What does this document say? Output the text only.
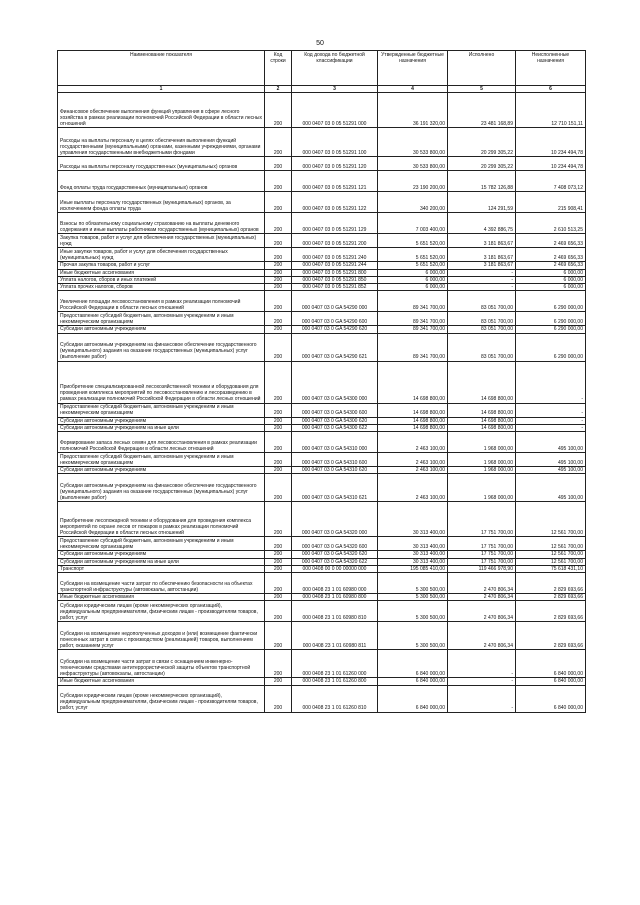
50
Наименование показателя	Код строки	Код дохода по бюджетной классификации	Утвержденные бюджетные назначения	Исполнено	Неисполненные назначения
1	2	3	4	5	6
Финансовое обеспечение выполнения функций управления в сфере лесного хозяйства в рамках реализации полномочий Российской Федерации в области лесных отношений	200	000 0407 03 0 05 51291 000	36 191 320,00	23 481 168,89	12 710 151,11
Расходы на выплаты персоналу в целях обеспечения выполнения функций государственными (муниципальными) органами, казенными учреждениями, органами управления государственными внебюджетными фондами	200	000 0407 03 0 05 51291 100	30 533 800,00	20 299 305,22	10 234 494,78
Расходы на выплаты персоналу государственных (муниципальных) органов	200	000 0407 03 0 05 51291 120	30 533 800,00	20 299 305,22	10 234 494,78
Фонд оплаты труда государственных (муниципальных) органов	200	000 0407 03 0 05 51291 121	23 190 200,00	15 782 126,88	7 408 073,12
Иные выплаты персоналу государственных (муниципальных) органов, за исключением фонда оплаты труда	200	000 0407 03 0 05 51291 122	340 200,00	124 291,59	215 908,41
Взносы по обязательному социальному страхованию на выплаты денежного содержания и иные выплаты работникам государственных (муниципальных) органов	200	000 0407 03 0 05 51291 129	7 003 400,00	4 392 886,75	2 610 513,25
Закупка товаров, работ и услуг для обеспечения государственных (муниципальных) нужд	200	000 0407 03 0 05 51291 200	5 651 520,00	3 181 863,67	2 469 656,33
Иные закупки товаров, работ и услуг для обеспечения государственных (муниципальных) нужд	200	000 0407 03 0 05 51291 240	5 651 520,00	3 181 863,67	2 469 656,33
Прочая закупка товаров, работ и услуг	200	000 0407 03 0 05 51291 244	5 651 520,00	3 181 863,67	2 469 656,33
Иные бюджетные ассигнования	200	000 0407 03 0 05 51291 800	6 000,00	-	6 000,00
Уплата налогов, сборов и иных платежей	200	000 0407 03 0 05 51291 850	6 000,00	-	6 000,00
Уплата прочих налогов, сборов	200	000 0407 03 0 05 51291 852	6 000,00	-	6 000,00
Увеличение площади лесовосстановления в рамках реализации полномочий Российской Федерации в области лесных отношений	200	000 0407 03 0 GA 54290 000	89 341 700,00	83 051 700,00	6 290 000,00
Предоставление субсидий бюджетным, автономным учреждениям и иным некоммерческим организациям	200	000 0407 03 0 GA 54290 600	89 341 700,00	83 051 700,00	6 290 000,00
Субсидии автономным учреждениям	200	000 0407 03 0 GA 54290 620	89 341 700,00	83 051 700,00	6 290 000,00
Субсидии автономным учреждениям на финансовое обеспечение государственного (муниципального) задания на оказание государственных (муниципальных) услуг (выполнение работ)	200	000 0407 03 0 GA 54290 621	89 341 700,00	83 051 700,00	6 290 000,00
Приобретение специализированной лесохозяйственной техники и оборудования для проведения комплекса мероприятий по лесовосстановлению и лесоразведению в рамках реализации полномочий Российской Федерации в области лесных отношений	200	000 0407 03 0 GA 54300 000	14 698 800,00	14 698 800,00	-
Предоставление субсидий бюджетным, автономным учреждениям и иным некоммерческим организациям	200	000 0407 03 0 GA 54300 600	14 698 800,00	14 698 800,00	-
Субсидии автономным учреждениям	200	000 0407 03 0 GA 54300 620	14 698 800,00	14 698 800,00	-
Субсидии автономным учреждениям на иные цели	200	000 0407 03 0 GA 54300 622	14 698 800,00	14 698 800,00	-
Формирование запаса лесных семян для лесовосстановления в рамках реализации полномочий Российской Федерации в области лесных отношений	200	000 0407 03 0 GA 54310 000	2 463 100,00	1 968 000,00	495 100,00
Предоставление субсидий бюджетным, автономным учреждениям и иным некоммерческим организациям	200	000 0407 03 0 GA 54310 600	2 463 100,00	1 968 000,00	495 100,00
Субсидии автономным учреждениям	200	000 0407 03 0 GA 54310 620	2 463 100,00	1 968 000,00	495 100,00
Субсидии автономным учреждениям на финансовое обеспечение государственного (муниципального) задания на оказание государственных (муниципальных) услуг (выполнение работ)	200	000 0407 03 0 GA 54310 621	2 463 100,00	1 968 000,00	495 100,00
Приобретение лесопожарной техники и оборудования для проведения комплекса мероприятий по охране лесов от пожаров в рамках реализации полномочий Российской Федерации в области лесных отношений	200	000 0407 03 0 GA 54320 000	30 313 400,00	17 751 700,00	12 561 700,00
Предоставление субсидий бюджетным, автономным учреждениям и иным некоммерческим организациям	200	000 0407 03 0 GA 54320 600	30 313 400,00	17 751 700,00	12 561 700,00
Субсидии автономным учреждениям	200	000 0407 03 0 GA 54320 620	30 313 400,00	17 751 700,00	12 561 700,00
Субсидии автономным учреждениям на иные цели	200	000 0407 03 0 GA 54320 622	30 313 400,00	17 751 700,00	12 561 700,00
Транспорт	200	000 0408 00 0 00 00000 000	195 085 410,00	119 466 978,90	75 618 431,10
Субсидии на возмещение части затрат по обеспечению безопасности на объектах транспортной инфраструктуры (автовокзалы, автостанции)	200	000 0408 23 1 01 60980 000	5 300 500,00	2 470 806,34	2 829 693,66
Иные бюджетные ассигнования	200	000 0408 23 1 01 60980 800	5 300 500,00	2 470 806,34	2 829 693,66
Субсидии юридическим лицам (кроме некоммерческих организаций), индивидуальным предпринимателям, физическим лицам - производителям товаров, работ, услуг	200	000 0408 23 1 01 60980 810	5 300 500,00	2 470 806,34	2 829 693,66
Субсидии на возмещение недополученных доходов и (или) возмещение фактически понесенных затрат в связи с производством (реализацией) товаров, выполнением работ, оказанием услуг	200	000 0408 23 1 01 60980 811	5 300 500,00	2 470 806,34	2 829 693,66
Субсидии на возмещение части затрат в связи с оснащением инженерно-техническими средствами антитеррористической защиты объектов транспортной инфраструктуры (автовокзалы, автостанции)	200	000 0408 23 1 01 61260 000	6 840 000,00	-	6 840 000,00
Иные бюджетные ассигнования	200	000 0408 23 1 01 61260 800	6 840 000,00	-	6 840 000,00
Субсидии юридическим лицам (кроме некоммерческих организаций), индивидуальным предпринимателям, физическим лицам - производителям товаров, работ, услуг	200	000 0408 23 1 01 61260 810	6 840 000,00	-	6 840 000,00
